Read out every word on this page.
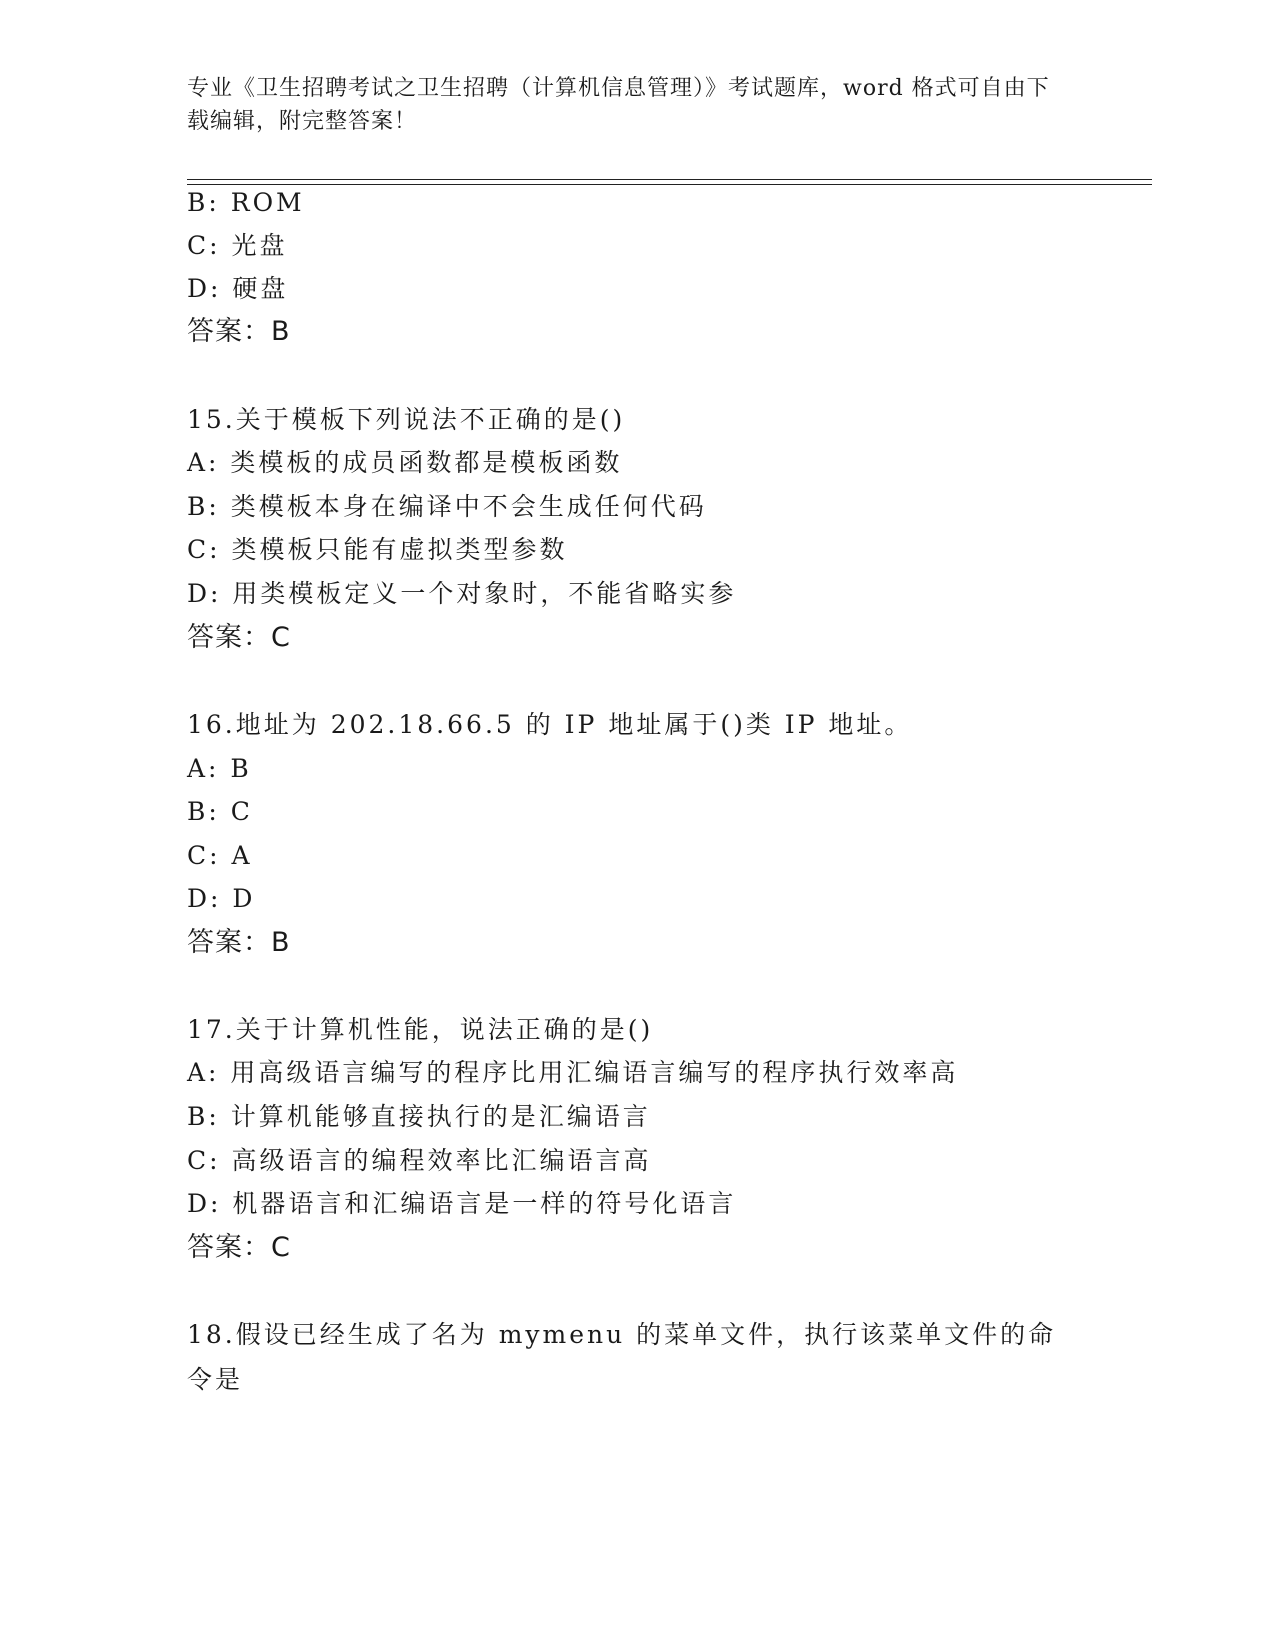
专业《卫生招聘考试之卫生招聘（计算机信息管理）》考试题库，word 格式可自由下载编辑，附完整答案！
B: ROM
C: 光盘
D: 硬盘
答案：B
15.关于模板下列说法不正确的是()
A: 类模板的成员函数都是模板函数
B: 类模板本身在编译中不会生成任何代码
C: 类模板只能有虚拟类型参数
D: 用类模板定义一个对象时，不能省略实参
答案：C
16.地址为 202.18.66.5 的 IP 地址属于()类 IP 地址。
A: B
B: C
C: A
D: D
答案：B
17.关于计算机性能，说法正确的是()
A: 用高级语言编写的程序比用汇编语言编写的程序执行效率高
B: 计算机能够直接执行的是汇编语言
C: 高级语言的编程效率比汇编语言高
D: 机器语言和汇编语言是一样的符号化语言
答案：C
18.假设已经生成了名为 mymenu 的菜单文件，执行该菜单文件的命令是
